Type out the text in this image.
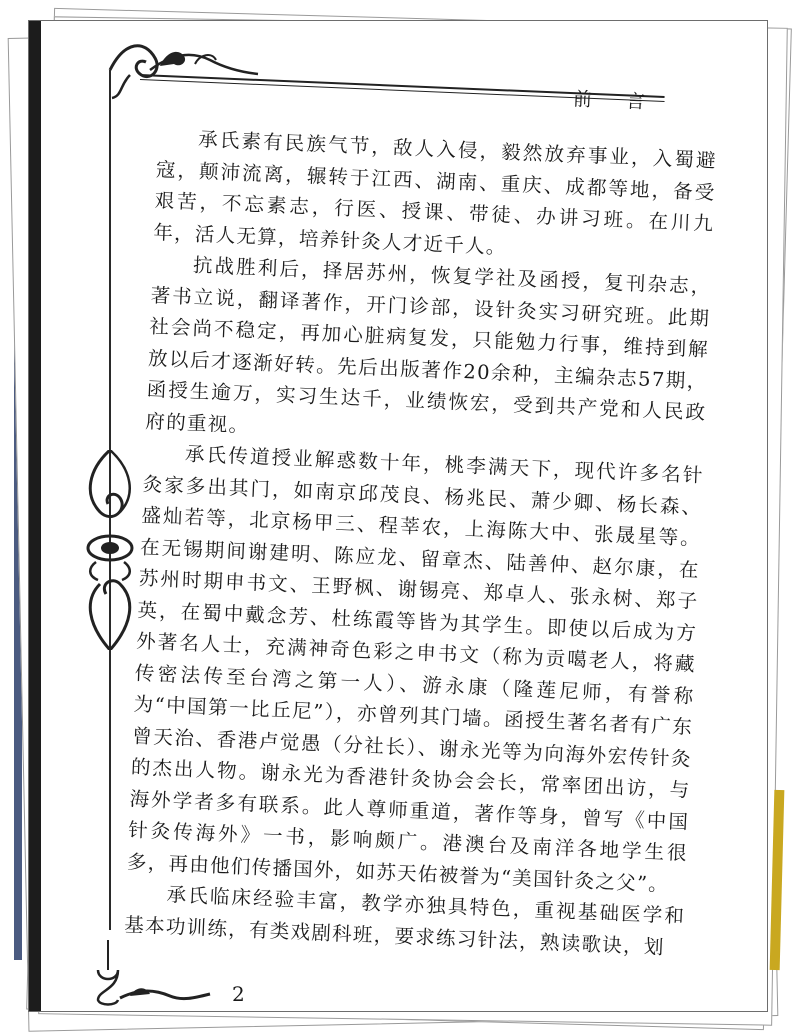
前 言

承氏素有民族气节，敌人入侵，毅然放弃事业，入蜀避寇，颠沛流离，辗转于江西、湖南、重庆、成都等地，备受艰苦，不忘素志，行医、授课、带徒、办讲习班。在川九年，活人无算，培养针灸人才近千人。

抗战胜利后，择居苏州，恢复学社及函授，复刊杂志，著书立说，翻译著作，开门诊部，设针灸实习研究班。此期社会尚不稳定，再加心脏病复发，只能勉力行事，维持到解放以后才逐渐好转。先后出版著作20余种，主编杂志57期，函授生逾万，实习生达千，业绩恢宏，受到共产党和人民政府的重视。

承氏传道授业解惑数十年，桃李满天下，现代许多名针灸家多出其门，如南京邱茂良、杨兆民、萧少卿、杨长森、盛灿若等，北京杨甲三、程莘农，上海陈大中、张晟星等。在无锡期间谢建明、陈应龙、留章杰、陆善仲、赵尔康，在苏州时期申书文、王野枫、谢锡亮、郑卓人、张永树、郑子英，在蜀中戴念芳、杜练霞等皆为其学生。即使以后成为方外著名人士，充满神奇色彩之申书文（称为贡噶老人，将藏传密法传至台湾之第一人）、游永康（隆莲尼师，有誉称为“中国第一比丘尼”），亦曾列其门墙。函授生著名者有广东曾天治、香港卢觉愚（分社长）、谢永光等为向海外宏传针灸的杰出人物。谢永光为香港针灸协会会长，常率团出访，与海外学者多有联系。此人尊师重道，著作等身，曾写《中国针灸传海外》一书，影响颇广。港澳台及南洋各地学生很多，再由他们传播国外，如苏天佑被誉为“美国针灸之父”。

承氏临床经验丰富，教学亦独具特色，重视基础医学和基本功训练，有类戏剧科班，要求练习针法，熟读歌诀，划

2
